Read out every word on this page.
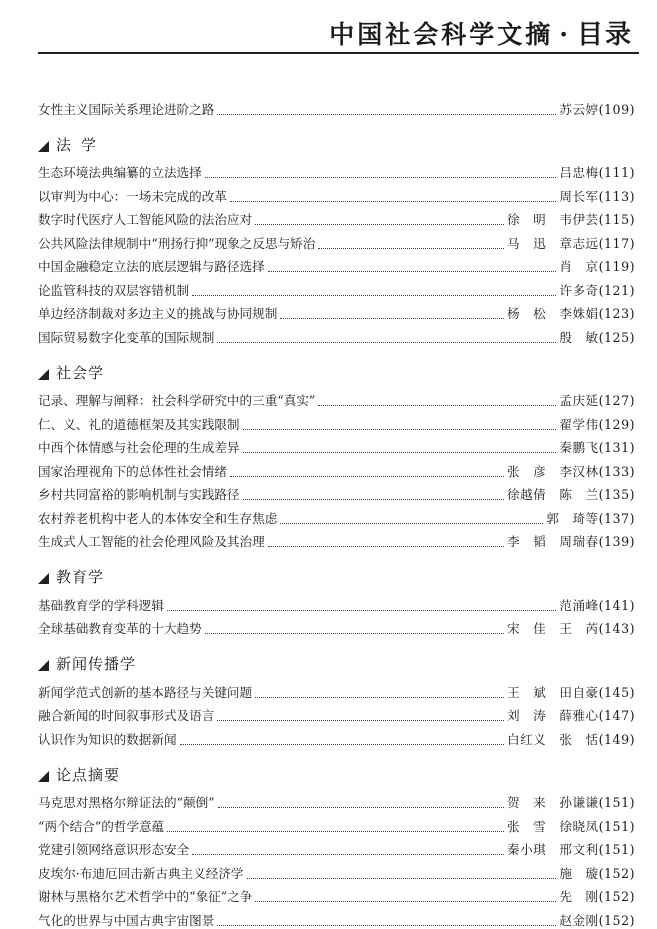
中国社会科学文摘 · 目录
女性主义国际关系理论进阶之路	苏云婷(109)
法学
生态环境法典编纂的立法选择	吕忠梅(111)
以审判为中心：一场未完成的改革	周长军(113)
数字时代医疗人工智能风险的法治应对	徐　明　韦伊芸(115)
公共风险法律规制中“刑扬行抑”现象之反思与矫治	马　迅　章志远(117)
中国金融稳定立法的底层逻辑与路径选择	肖　京(119)
论监管科技的双层容错机制	许多奇(121)
单边经济制裁对多边主义的挑战与协同规制	杨　松　李姝娟(123)
国际贸易数字化变革的国际规制	殷　敏(125)
社会学
记录、理解与阐释：社会科学研究中的三重“真实”	孟庆延(127)
仁、义、礼的道德框架及其实践限制	翟学伟(129)
中西个体情感与社会伦理的生成差异	秦鹏飞(131)
国家治理视角下的总体性社会情绪	张　彦　李汉林(133)
乡村共同富裕的影响机制与实践路径	徐越倩　陈　兰(135)
农村养老机构中老人的本体安全和生存焦虑	郭　琦等(137)
生成式人工智能的社会伦理风险及其治理	李　韬　周瑞春(139)
教育学
基础教育学的学科逻辑	范涌峰(141)
全球基础教育变革的十大趋势	宋　佳　王　芮(143)
新闻传播学
新闻学范式创新的基本路径与关键问题	王　斌　田自豪(145)
融合新闻的时间叙事形式及语言	刘　涛　薛雅心(147)
认识作为知识的数据新闻	白红义　张　恬(149)
论点摘要
马克思对黑格尔辩证法的“颠倒”	贺　来　孙谦谦(151)
“两个结合”的哲学意蕴	张　雪　徐晓凤(151)
党建引领网络意识形态安全	秦小琪　邢文利(151)
皮埃尔·布迪厄回击新古典主义经济学	施　璇(152)
谢林与黑格尔艺术哲学中的“象征”之争	先　刚(152)
气化的世界与中国古典宇宙图景	赵金刚(152)
